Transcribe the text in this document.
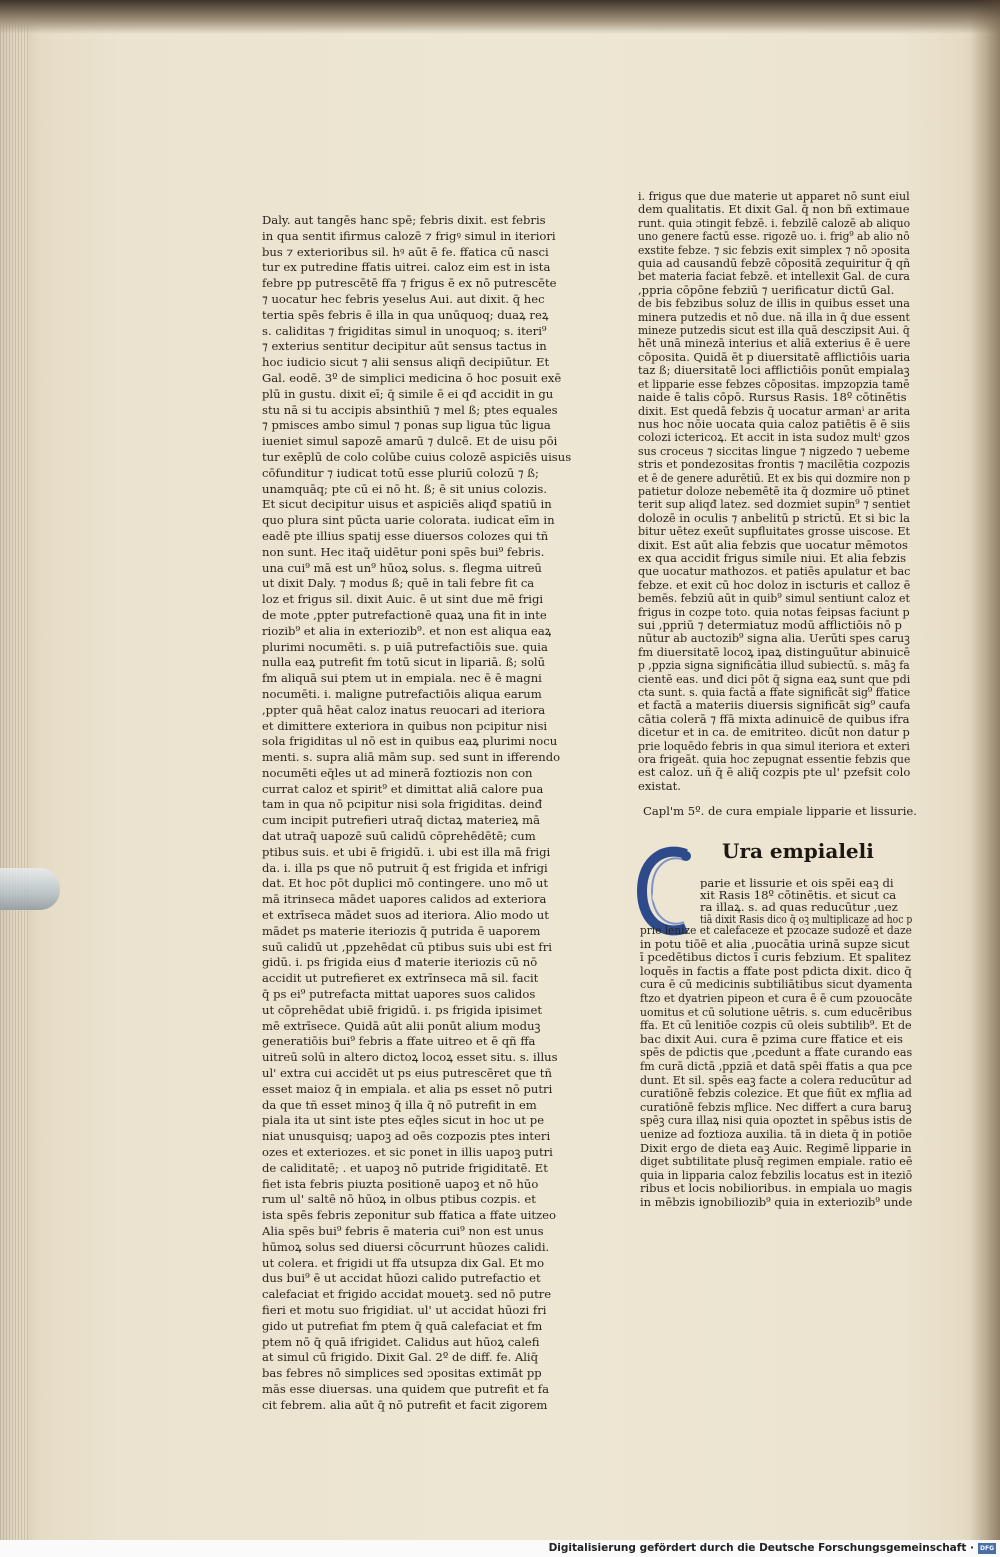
Daly. aut tangēs hanc spē; febris dixit. est febris
in qua sentit ifirmus calozē ⁊ frigꝰ simul in iteriori
bus ⁊ exterioribus sil. hꝰ aūt ē fe. ffatica cū nasci
tur ex putredine ffatis uitrei. caloz eim est in ista
febre pp putrescētē ffa ⁊ frigus ē ex nō putrescēte
⁊ uocatur hec febris yeselus Aui. aut dixit. q̄ hec
tertia spēs febris ē illa in qua unūquoq; duaꝝ reꝝ
s. caliditas ⁊ frigiditas simul in unoquoq; s. iteri⁹
⁊ exterius sentitur decipitur aūt sensus tactus in
hoc iudicio sicut ⁊ alii sensus aliqñ decipiūtur. Et
Gal. eodē. 3º de simplici medicina ō hoc posuit exē
plū in gustu. dixit eī; q̄ simile ē ei qđ accidit in gu
stu nā si tu accipis absinthiū ⁊ mel ß; ptes equales
⁊ pmisces ambo simul ⁊ ponas sup ligua tūc ligua
iueniet simul sapozē amarū ⁊ dulcē. Et de uisu pōi
tur exēplū de colo colūbe cuius colozē aspiciēs uisus
cōfunditur ⁊ iudicat totū esse pluriū colozū ⁊ ß;
unamquāq; pte cū ei nō ht. ß; ē sit unius colozis.
Et sicut decipitur uisus et aspiciēs aliqđ spatiū in
quo plura sint pūcta uarie colorata. iudicat eīm in
eadē pte illius spatij esse diuersos colozes qui tñ
non sunt. Hec itaq̄ uidētur poni spēs bui⁹ febris.
una cui⁹ mā est un⁹ hūoꝝ solus. s. flegma uitreū
ut dixit Daly. ⁊ modus ß; quē in tali febre fit ca
loz et frigus sil. dixit Auic. ē ut sint due mē frigi
de mote ,ppter putrefactionē quaꝝ una fit in inte
riozib⁹ et alia in exteriozib⁹. et non est aliqua eaꝝ
plurimi nocumēti. s. p uiā putrefactiōis sue. quia
nulla eaꝝ putrefit fm totū sicut in lipariā. ß; solū
fm aliquā sui ptem ut in empiala. nec ē ē magni
nocumēti. i. maligne putrefactiōis aliqua earum
,ppter quā hēat caloz inatus reuocari ad iteriora
et dimittere exteriora in quibus non pcipitur nisi
sola frigiditas ul nō est in quibus eaꝝ plurimi nocu
menti. s. supra aliā mām sup. sed sunt in ifferendo
nocumēti eq̄les ut ad minerā foztiozis non con
currat caloz et spirit⁹ et dimittat aliā calore pua
tam in qua nō pcipitur nisi sola frigiditas. deinđ
cum incipit putrefieri utraq̄ dictaꝝ materieꝝ mā
dat utraq̄ uapozē suū calidū cōprehēdētē; cum
ptibus suis. et ubi ē frigidū. i. ubi est illa mā frigi
da. i. illa ps que nō putruit q̄ est frigida et infrigi
dat. Et hoc pōt duplici mō contingere. uno mō ut
mā itrinseca mādet uapores calidos ad exteriora
et extrīseca mādet suos ad iteriora. Alio modo ut
mādet ps materie iteriozis q̄ putrida ē uaporem
suū calidū ut ,ppzehēdat cū ptibus suis ubi est fri
gidū. i. ps frigida eius đ materie iteriozis cū nō
accidit ut putrefieret ex extrīnseca mā sil. facit
q̄ ps ei⁹ putrefacta mittat uapores suos calidos
ut cōprehēdat ubiē frigidū. i. ps frigida ipisimet
mē extrīsece. Quidā aūt alii ponūt alium moduꝫ
generatiōis bui⁹ febris a ffate uitreo et ē qñ ffa
uitreū solū in altero dictoꝝ locoꝝ esset situ. s. illus
ul' extra cui accidēt ut ps eius putrescēret que tñ
esset maioz q̄ in empiala. et alia ps esset nō putri
da que tñ esset minoꝫ q̄ illa q̄ nō putrefit in em
piala ita ut sint iste ptes eq̄les sicut in hoc ut pe
niat unusquisq; uapoꝫ ad oēs cozpozis ptes interi
ozes et exteriozes. et sic ponet in illis uapoꝫ putri
de caliditatē; . et uapoꝫ nō putride frigiditatē. Et
fiet ista febris piuzta positionē uapoꝫ et nō hūo
rum ul' saltē nō hūoꝝ in olbus ptibus cozpis. et
ista spēs febris zeponitur sub ffatica a ffate uitzeo
Alia spēs bui⁹ febris ē materia cui⁹ non est unus
hūmoꝝ solus sed diuersi cōcurrunt hūozes calidi.
ut colera. et frigidi ut ffa utsupza dix Gal. Et mo
dus bui⁹ ē ut accidat hūozi calido putrefactio et
calefaciat et frigido accidat mouetꝫ. sed nō putre
fieri et motu suo frigidiat. ul' ut accidat hūozi fri
gido ut putrefiat fm ptem q̄ quā calefaciat et fm
ptem nō q̄ quā ifrigidet. Calidus aut hūoꝝ calefi
at simul cū frigido. Dixit Gal. 2º de diff. fe. Aliq̄
bas febres nō simplices sed ɔpositas extimāt pp
mās esse diuersas. una quidem que putrefit et fa
cit febrem. alia aūt q̄ nō putrefit et facit zigorem
i. frigus que due materie ut apparet nō sunt eiul
dem qualitatis. Et dixit Gal. q̄ non bñ extimaue
runt. quia ɔtingit febzē. i. febzilē calozē ab aliquo
uno genere factū esse. rigozē uo. i. frig⁹ ab alio nō
exstite febze. ⁊ sic febzis exit simplex ⁊ nō ɔposita
quia ad causandū febzē cōpositā zequiritur q̄ qñ
bet materia faciat febzē. et intellexit Gal. de cura
,ppria cōpōne febziū ⁊ uerificatur dictū Gal.
de bis febzibus soluz de illis in quibus esset una
minera putzedis et nō due. nā illa in q̄ due essent
mineze putzedis sicut est illa quā desczipsit Aui. q̄
hēt unā minezā interius et aliā exterius ē ē uere
cōposita. Quidā ēt p diuersitatē afflictiōis uaria
taz ß; diuersitatē loci afflictiōis ponūt empialaꝫ
et lipparie esse febzes cōpositas. impzopzia tamē
naide ē talis cōpō. Rursus Rasis. 18º cōtinētis
dixit. Est quedā febzis q̄ uocatur armanⁱ ar arita
nus hoc nōie uocata quia caloz patiētis ē ē siis
colozi ictericoꝝ. Et accit in ista sudoz multⁱ gzos
sus croceus ⁊ siccitas lingue ⁊ nigzedo ⁊ uebeme
stris et pondezositas frontis ⁊ macilētia cozpozis
et ē de genere adurētiū. Et ex bis qui dozmire non p
patietur doloze nebemētē ita q̄ dozmire uō ptinet
terit sup aliqđ latez. sed dozmiet supin⁹ ⁊ sentiet
dolozē in oculis ⁊ anbelitū p strictū. Et si bic la
bitur uētez exeūt supfluitates grosse uiscose. Et
dixit. Est aūt alia febzis que uocatur mēmotos
ex qua accidit frigus simile niui. Et alia febzis
que uocatur mathozos. et patiēs apulatur et bac
febze. et exit cū hoc doloz in iscturis et calloz ē
bemēs. febziū aūt in quib⁹ simul sentiunt caloz et
frigus in cozpe toto. quia notas feipsas faciunt p
sui ,ppriū ⁊ determiatuz modū afflictiōis nō p
nūtur ab auctozib⁹ signa alia. Uerūti spes caruꝫ
fm diuersitatē locoꝝ ipaꝝ distinguūtur abinuicē
p ,ppzia signa significātia illud subiectū. s. māꝫ fa
cientē eas. unđ dici pōt q̄ signa eaꝝ sunt que pdi
cta sunt. s. quia factā a ffate significāt sig⁹ ffatice
et factā a materiis diuersis significāt sig⁹ caufa
cātia colerā ⁊ ffā mixta adinuicē de quibus ifra
dicetur et in ca. de emitriteo. dicūt non datur p
prie loquēdo febris in qua simul iteriora et exteri
ora frigeāt. quia hoc zepugnat essentie febzis que
est caloz. uñ q̄ ē aliq̄ cozpis pte ul' pzefsit colo
existat.
Capl'm 5º. de cura empiale lipparie et lissurie.
Ura empialeli
parie et lissurie et ois spēi eaꝫ di
xit Rasis 18º cōtinētis. et sicut ca
ra illaꝝ. s. ad quas reducūtur ,uez
tiā dixit Rasis dico q̄ oꝫ multiplicaze ad hoc p
prie lenize et calefaceze et pzocaze sudozē et daze
in potu tiōē et alia ,puocātia urinā supze sicut
ī pcedētibus dictos ī curis febzium. Et spalitez
loquēs in factis a ffate post pdicta dixit. dico q̄
cura ē cū medicinis subtiliātibus sicut dyamenta
ftzo et dyatrien pipeon et cura ē ē cum pzouocāte
uomitus et cū solutione uētris. s. cum educēribus
ffa. Et cū lenitiōe cozpis cū oleis subtilib⁹. Et de
bac dixit Aui. cura ē pzima cure ffatice et eis
spēs de pdictis que ,pcedunt a ffate curando eas
fm curā dictā ,ppziā et datā spēi ffatis a qua pce
dunt. Et sil. spēs eaꝫ facte a colera reducūtur ad
curatiōnē febzis colezice. Et que fiūt ex mƒlia ad
curatiōnē febzis mƒlice. Nec differt a cura baruꝫ
spēꝫ cura illaꝝ nisi quia opoztet in spēbus istis de
uenize ad foztioza auxilia. tā in dieta q̄ in potiōe
Dixit ergo de dieta eaꝫ Auic. Regimē lipparie in
diget subtilitate plusq̄ regimen empiale. ratio eē
quia in lipparia caloz febzilis locatus est in iteziō
ribus et locis nobilioribus. in empiala uo magis
in mēbzis ignobiliozib⁹ quia in exteriozib⁹ unde
Digitalisierung gefördert durch die Deutsche Forschungsgemeinschaft · DFG
